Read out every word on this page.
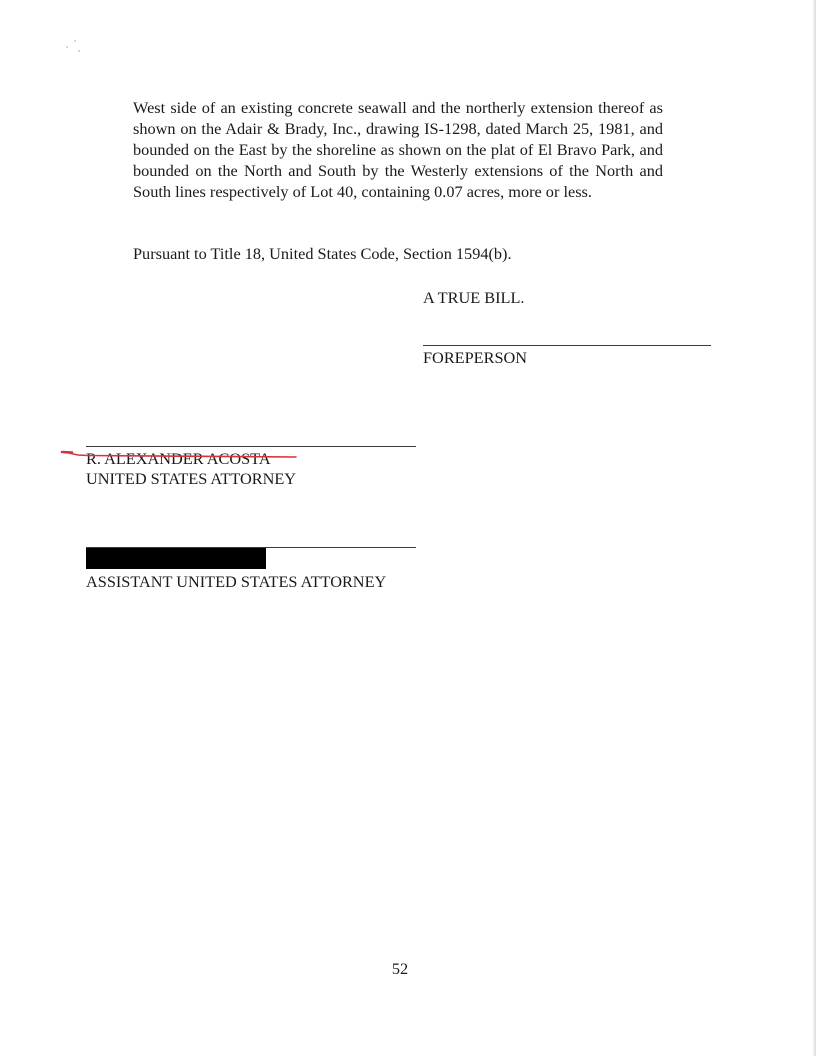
West side of an existing concrete seawall and the northerly extension thereof as shown on the Adair & Brady, Inc., drawing IS-1298, dated March 25, 1981, and bounded on the East by the shoreline as shown on the plat of El Bravo Park, and bounded on the North and South by the Westerly extensions of the North and South lines respectively of Lot 40, containing 0.07 acres, more or less.

Pursuant to Title 18, United States Code, Section 1594(b).

A TRUE BILL.

FOREPERSON

R. ALEXANDER ACOSTA

UNITED STATES ATTORNEY

ASSISTANT UNITED STATES ATTORNEY

52
